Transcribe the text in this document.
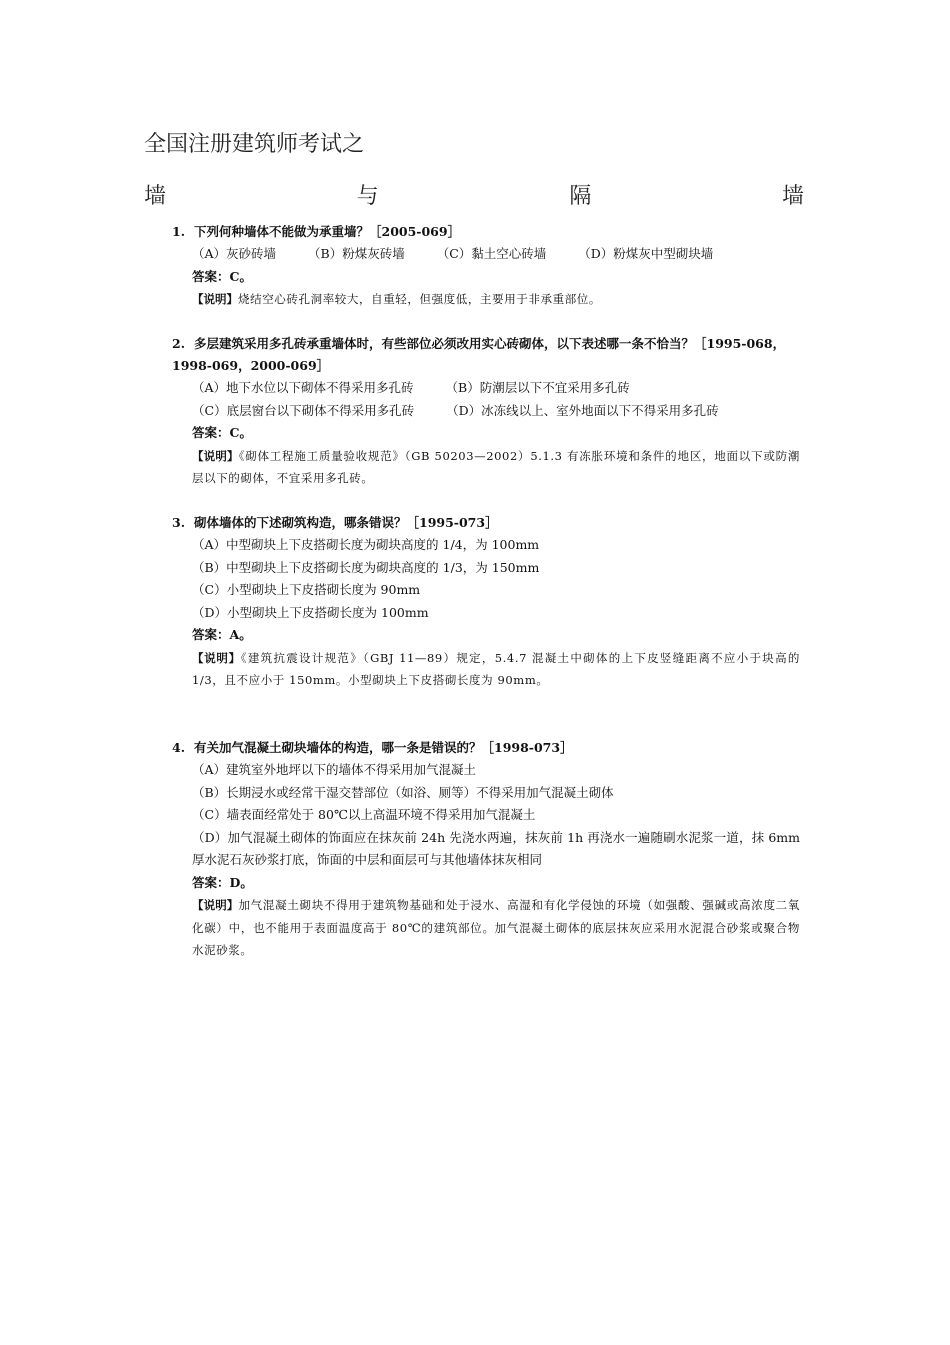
全国注册建筑师考试之
墙	与	隔	墙
1. 下列何种墙体不能做为承重墙？［2005-069］
（A）灰砂砖墙	（B）粉煤灰砖墙	（C）黏土空心砖墙	（D）粉煤灰中型砌块墙
答案：C。
【说明】烧结空心砖孔洞率较大，自重轻，但强度低，主要用于非承重部位。
2. 多层建筑采用多孔砖承重墙体时，有些部位必须改用实心砖砌体，以下表述哪一条不恰当？［1995-068，1998-069，2000-069］
（A）地下水位以下砌体不得采用多孔砖	（B）防潮层以下不宜采用多孔砖
（C）底层窗台以下砌体不得采用多孔砖	（D）冰冻线以上、室外地面以下不得采用多孔砖
答案：C。
【说明】《砌体工程施工质量验收规范》（GB 50203—2002）5.1.3 有冻胀环境和条件的地区，地面以下或防潮层以下的砌体，不宜采用多孔砖。
3. 砌体墙体的下述砌筑构造，哪条错误？［1995-073］
（A）中型砌块上下皮搭砌长度为砌块高度的 1/4，为 100mm
（B）中型砌块上下皮搭砌长度为砌块高度的 1/3，为 150mm
（C）小型砌块上下皮搭砌长度为 90mm
（D）小型砌块上下皮搭砌长度为 100mm
答案：A。
【说明】《建筑抗震设计规范》（GBJ 11—89）规定，5.4.7 混凝土中砌体的上下皮竖缝距离不应小于块高的 1/3，且不应小于 150mm。小型砌块上下皮搭砌长度为 90mm。
4. 有关加气混凝土砌块墙体的构造，哪一条是错误的？［1998-073］
（A）建筑室外地坪以下的墙体不得采用加气混凝土
（B）长期浸水或经常干湿交替部位（如浴、厕等）不得采用加气混凝土砌体
（C）墙表面经常处于 80℃以上高温环境不得采用加气混凝土
（D）加气混凝土砌体的饰面应在抹灰前 24h 先浇水两遍，抹灰前 1h 再浇水一遍随刷水泥浆一道，抹 6mm 厚水泥石灰砂浆打底，饰面的中层和面层可与其他墙体抹灰相同
答案：D。
【说明】加气混凝土砌块不得用于建筑物基础和处于浸水、高湿和有化学侵蚀的环境（如强酸、强碱或高浓度二氧化碳）中，也不能用于表面温度高于 80℃的建筑部位。加气混凝土砌体的底层抹灰应采用水泥混合砂浆或聚合物水泥砂浆。
